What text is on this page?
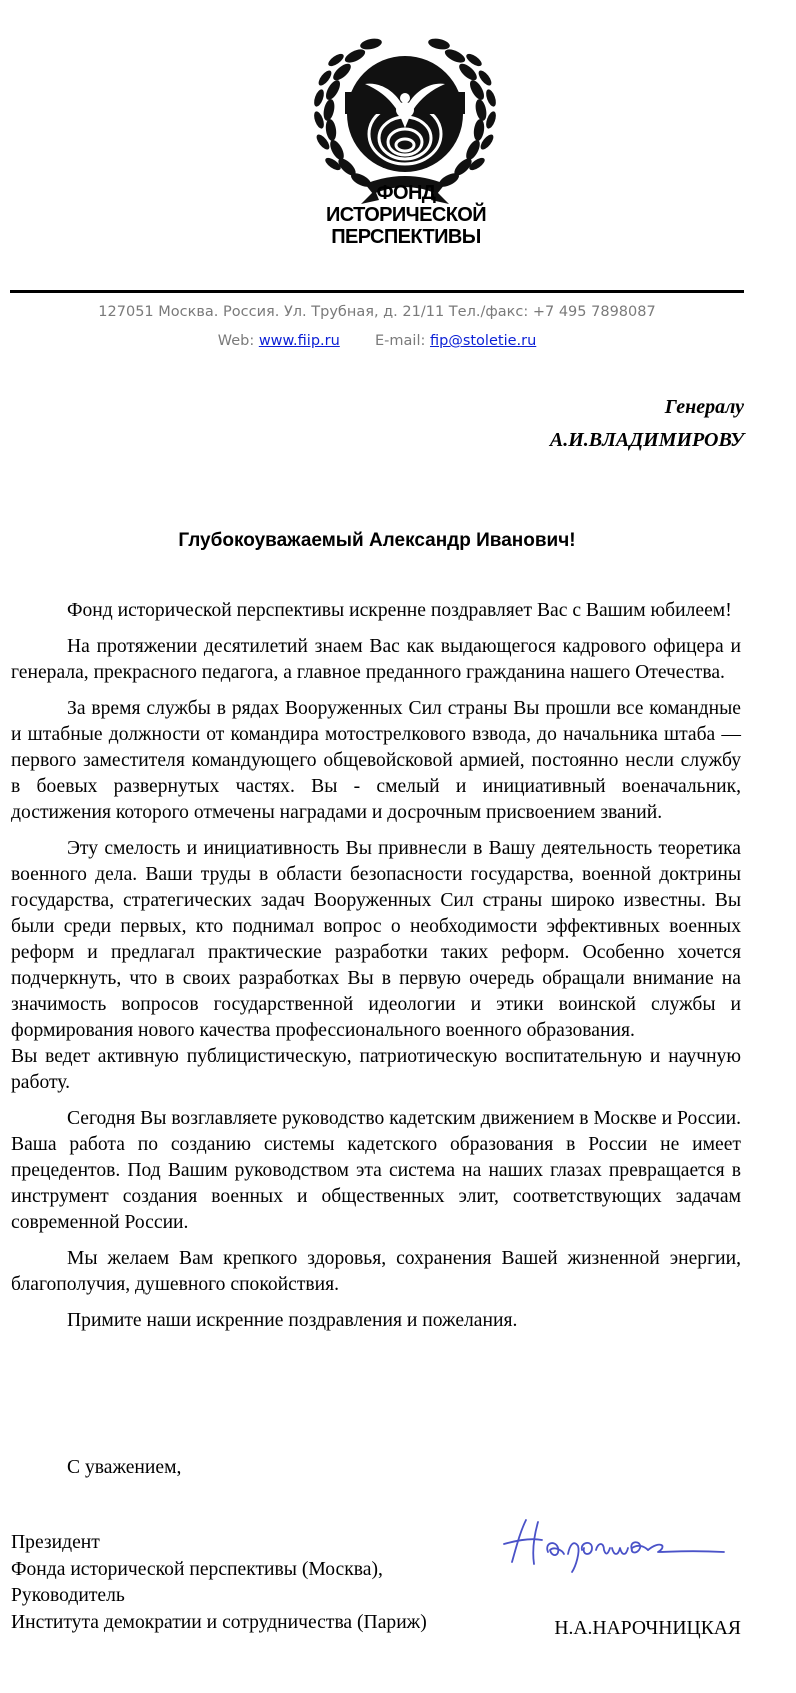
ФОНД
ИСТОРИЧЕСКОЙ
ПЕРСПЕКТИВЫ
127051 Москва. Россия. Ул. Трубная, д. 21/11 Тел./факс: +7 495 7898087
Web: www.fiip.ru E-mail: fip@stoletie.ru
Генералу
А.И.ВЛАДИМИРОВУ
Глубокоуважаемый Александр Иванович!

Фонд исторической перспективы искренне поздравляет Вас с Вашим юбилеем!

На протяжении десятилетий знаем Вас как выдающегося кадрового офицера и генерала, прекрасного педагога, а главное преданного гражданина нашего Отечества.

За время службы в рядах Вооруженных Сил страны Вы прошли все командные и штабные должности от командира мотострелкового взвода, до начальника штаба — первого заместителя командующего общевойсковой армией, постоянно несли службу в боевых развернутых частях. Вы - смелый и инициативный военачальник, достижения которого отмечены наградами и досрочным присвоением званий.

Эту смелость и инициативность Вы привнесли в Вашу деятельность теоретика военного дела. Ваши труды в области безопасности государства, военной доктрины государства, стратегических задач Вооруженных Сил страны широко известны. Вы были среди первых, кто поднимал вопрос о необходимости эффективных военных реформ и предлагал практические разработки таких реформ. Особенно хочется подчеркнуть, что в своих разработках Вы в первую очередь обращали внимание на значимость вопросов государственной идеологии и этики воинской службы и формирования нового качества профессионального военного образования.

Вы ведет активную публицистическую, патриотическую воспитательную и научную работу.

Сегодня Вы возглавляете руководство кадетским движением в Москве и России. Ваша работа по созданию системы кадетского образования в России не имеет прецедентов. Под Вашим руководством эта система на наших глазах превращается в инструмент создания военных и общественных элит, соответствующих задачам современной России.

Мы желаем Вам крепкого здоровья, сохранения Вашей жизненной энергии, благополучия, душевного спокойствия.

Примите наши искренние поздравления и пожелания.

С уважением,
Президент
Фонда исторической перспективы (Москва),
Руководитель
Института демократии и сотрудничества (Париж)	Н.А.НАРОЧНИЦКАЯ
